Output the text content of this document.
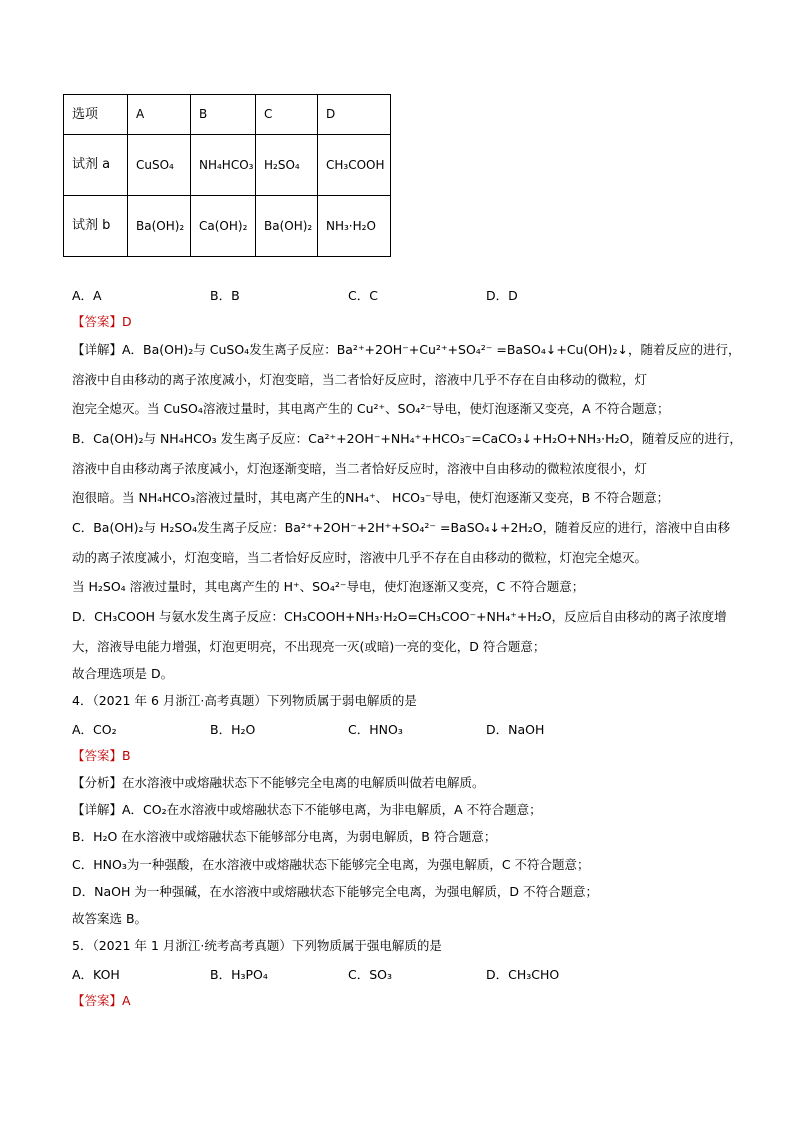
选项	A	B	C	D
试剂 a	CuSO₄	NH₄HCO₃	H₂SO₄	CH₃COOH

试剂 b	Ba(OH)₂	Ca(OH)₂	Ba(OH)₂	NH₃·H₂O
A．A	B．B	C．C	D．D
【答案】D
【详解】A．Ba(OH)₂与 CuSO₄发生离子反应：Ba²⁺+2OH⁻+Cu²⁺+SO₄²⁻ =BaSO₄↓+Cu(OH)₂↓，随着反应的进行，
溶液中自由移动的离子浓度减小，灯泡变暗，当二者恰好反应时，溶液中几乎不存在自由移动的微粒，灯
泡完全熄灭。当 CuSO₄溶液过量时，其电离产生的 Cu²⁺、SO₄²⁻导电，使灯泡逐渐又变亮，A 不符合题意；
B．Ca(OH)₂与 NH₄HCO₃ 发生离子反应：Ca²⁺+2OH⁻+NH₄⁺+HCO₃⁻=CaCO₃↓+H₂O+NH₃·H₂O，随着反应的进行，
溶液中自由移动离子浓度减小，灯泡逐渐变暗，当二者恰好反应时，溶液中自由移动的微粒浓度很小，灯
泡很暗。当 NH₄HCO₃溶液过量时，其电离产生的NH₄⁺、 HCO₃⁻导电，使灯泡逐渐又变亮，B 不符合题意；
C．Ba(OH)₂与 H₂SO₄发生离子反应：Ba²⁺+2OH⁻+2H⁺+SO₄²⁻ =BaSO₄↓+2H₂O，随着反应的进行，溶液中自由移
动的离子浓度减小，灯泡变暗，当二者恰好反应时，溶液中几乎不存在自由移动的微粒，灯泡完全熄灭。
当 H₂SO₄ 溶液过量时，其电离产生的 H⁺、SO₄²⁻导电，使灯泡逐渐又变亮，C 不符合题意；
D．CH₃COOH 与氨水发生离子反应：CH₃COOH+NH₃·H₂O=CH₃COO⁻+NH₄⁺+H₂O，反应后自由移动的离子浓度增
大，溶液导电能力增强，灯泡更明亮，不出现亮一灭(或暗)一亮的变化，D 符合题意；
故合理选项是 D。
4．（2021 年 6 月浙江·高考真题）下列物质属于弱电解质的是
A．CO₂	B．H₂O	C．HNO₃	D．NaOH
【答案】B
【分析】在水溶液中或熔融状态下不能够完全电离的电解质叫做若电解质。
【详解】A．CO₂在水溶液中或熔融状态下不能够电离，为非电解质，A 不符合题意；
B．H₂O 在水溶液中或熔融状态下能够部分电离，为弱电解质，B 符合题意；
C．HNO₃为一种强酸，在水溶液中或熔融状态下能够完全电离，为强电解质，C 不符合题意；
D．NaOH 为一种强碱，在水溶液中或熔融状态下能够完全电离，为强电解质，D 不符合题意；
故答案选 B。
5．（2021 年 1 月浙江·统考高考真题）下列物质属于强电解质的是
A．KOH	B．H₃PO₄	C．SO₃	D．CH₃CHO
【答案】A
